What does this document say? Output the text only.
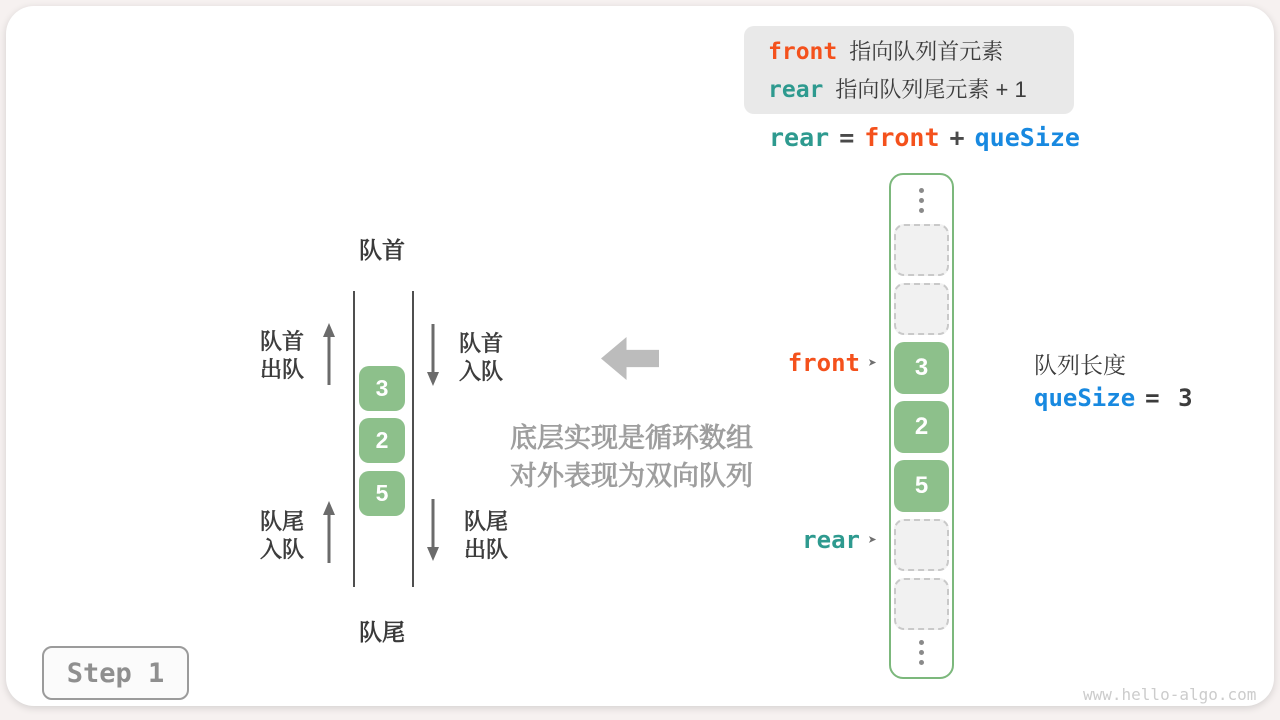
front 指向队列首元素
rear 指向队列尾元素 + 1
rear = front + queSize
队首
队尾
3
2
5
队首
出队
队首
入队
队尾
入队
队尾
出队
底层实现是循环数组
对外表现为双向队列
3
2
5
front ➤
rear ➤
队列长度
queSize = 3
Step 1
www.hello-algo.com
